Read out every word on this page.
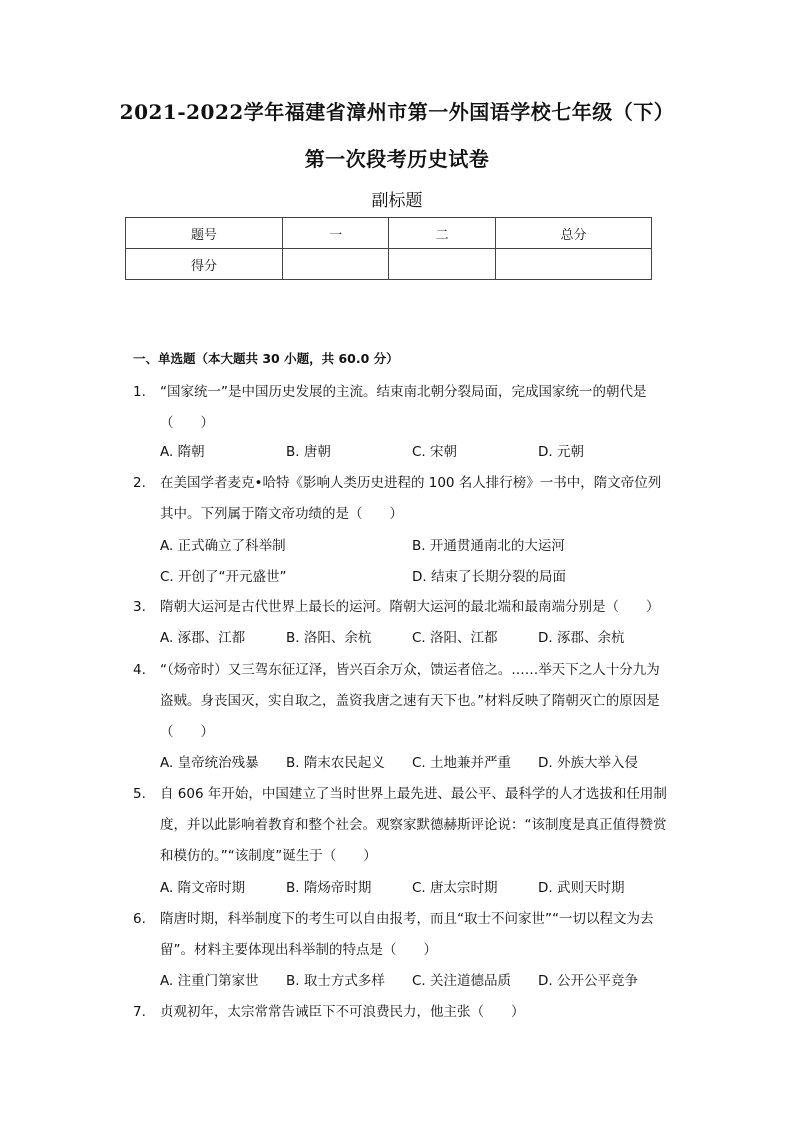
2021-2022学年福建省漳州市第一外国语学校七年级（下）
第一次段考历史试卷
副标题
题号	一	二	总分
得分			
一、单选题（本大题共 30 小题，共 60.0 分）
1.	“国家统一”是中国历史发展的主流。结束南北朝分裂局面，完成国家统一的朝代是（　　）
A. 隋朝	B. 唐朝	C. 宋朝	D. 元朝
2.	在美国学者麦克•哈特《影响人类历史进程的 100 名人排行榜》一书中，隋文帝位列其中。下列属于隋文帝功绩的是（　　）
A. 正式确立了科举制	B. 开通贯通南北的大运河C. 开创了“开元盛世”	D. 结束了长期分裂的局面
3.	隋朝大运河是古代世界上最长的运河。隋朝大运河的最北端和最南端分别是（　　）
A. 涿郡、江都	B. 洛阳、余杭	C. 洛阳、江都	D. 涿郡、余杭
4.	“（炀帝时）又三驾东征辽泽，皆兴百余万众，馈运者倍之。……举天下之人十分九为盗贼。身丧国灭，实自取之，盖资我唐之速有天下也。”材料反映了隋朝灭亡的原因是（　　）
A. 皇帝统治残暴 B. 隋末农民起义 C. 土地兼并严重 D. 外族大举入侵
5.	自 606 年开始，中国建立了当时世界上最先进、最公平、最科学的人才选拔和任用制度，并以此影响着教育和整个社会。观察家默德赫斯评论说：“该制度是真正值得赞赏和模仿的。”“该制度”诞生于（　　）
A. 隋文帝时期	B. 隋炀帝时期	C. 唐太宗时期	D. 武则天时期
6.	隋唐时期，科举制度下的考生可以自由报考，而且“取士不问家世”“一切以程文为去留”。材料主要体现出科举制的特点是（　　）
A. 注重门第家世 B. 取士方式多样 C. 关注道德品质 D. 公开公平竞争
7.	贞观初年，太宗常常告诫臣下不可浪费民力，他主张（　　）
